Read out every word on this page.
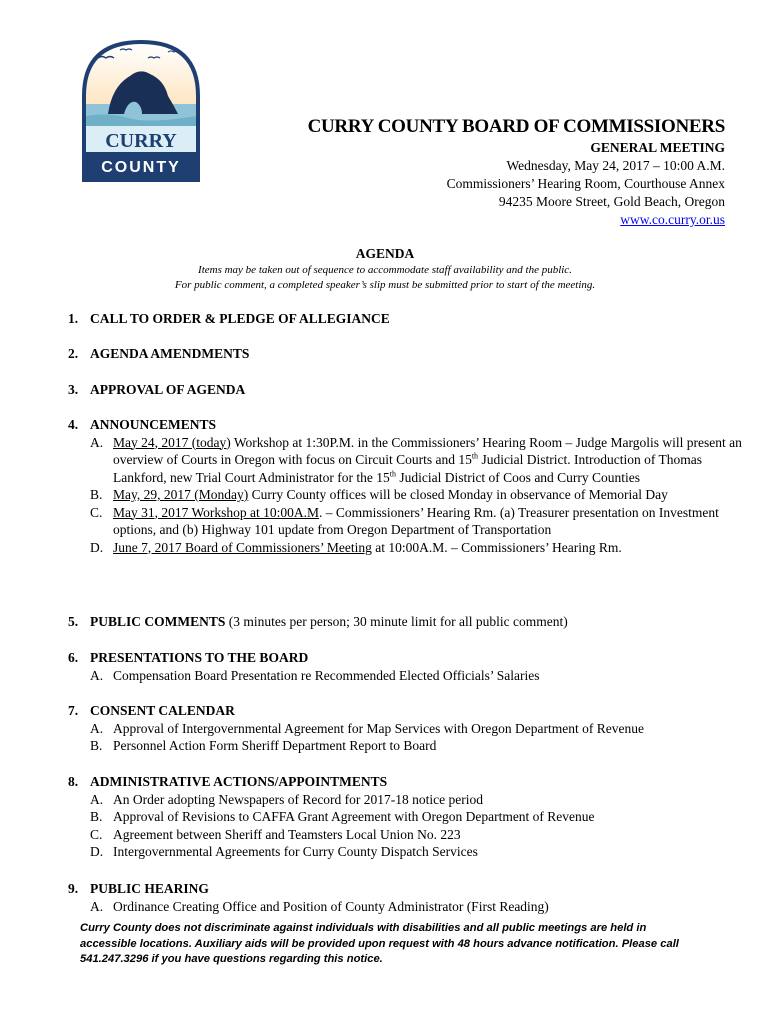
CURRY
COUNTY
CURRY COUNTY BOARD OF COMMISSIONERS
GENERAL MEETING
Wednesday, May 24, 2017 – 10:00 A.M.
Commissioners’ Hearing Room, Courthouse Annex
94235 Moore Street, Gold Beach, Oregon
www.co.curry.or.us
AGENDA
Items may be taken out of sequence to accommodate staff availability and the public.
For public comment, a completed speaker’s slip must be submitted prior to start of the meeting.
1. CALL TO ORDER & PLEDGE OF ALLEGIANCE
2. AGENDA AMENDMENTS
3. APPROVAL OF AGENDA
4. ANNOUNCEMENTS
A. May 24, 2017 (today) Workshop at 1:30P.M. in the Commissioners’ Hearing Room – Judge Margolis will present an overview of Courts in Oregon with focus on Circuit Courts and 15th Judicial District. Introduction of Thomas Lankford, new Trial Court Administrator for the 15th Judicial District of Coos and Curry Counties
B. May, 29, 2017 (Monday) Curry County offices will be closed Monday in observance of Memorial Day
C. May 31, 2017 Workshop at 10:00A.M. – Commissioners’ Hearing Rm. (a) Treasurer presentation on Investment options, and (b) Highway 101 update from Oregon Department of Transportation
D. June 7, 2017 Board of Commissioners’ Meeting at 10:00A.M. – Commissioners’ Hearing Rm.
5. PUBLIC COMMENTS (3 minutes per person; 30 minute limit for all public comment)
6. PRESENTATIONS TO THE BOARD
A. Compensation Board Presentation re Recommended Elected Officials’ Salaries
7. CONSENT CALENDAR
A. Approval of Intergovernmental Agreement for Map Services with Oregon Department of Revenue
B. Personnel Action Form Sheriff Department Report to Board
8. ADMINISTRATIVE ACTIONS/APPOINTMENTS
A. An Order adopting Newspapers of Record for 2017-18 notice period
B. Approval of Revisions to CAFFA Grant Agreement with Oregon Department of Revenue
C. Agreement between Sheriff and Teamsters Local Union No. 223
D. Intergovernmental Agreements for Curry County Dispatch Services
9. PUBLIC HEARING
A. Ordinance Creating Office and Position of County Administrator (First Reading)
Curry County does not discriminate against individuals with disabilities and all public meetings are held in accessible locations. Auxiliary aids will be provided upon request with 48 hours advance notification. Please call 541.247.3296 if you have questions regarding this notice.
